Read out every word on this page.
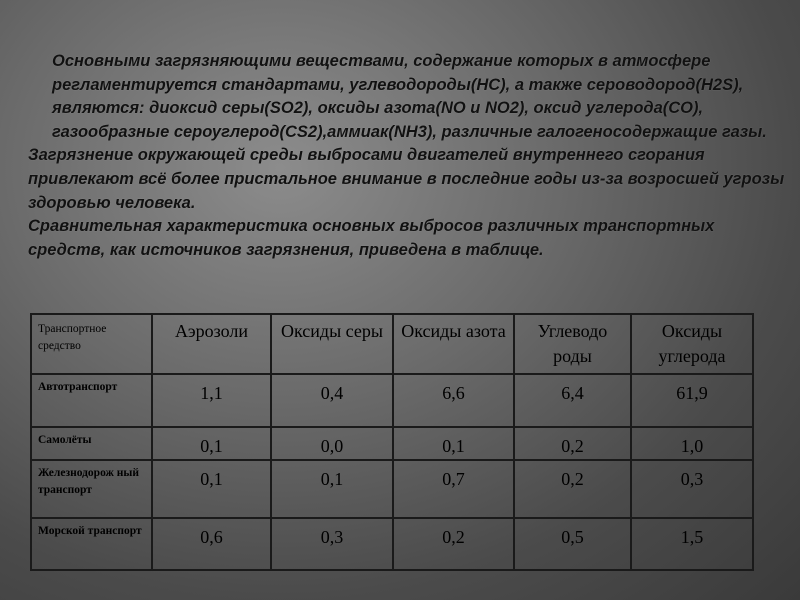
Основными загрязняющими веществами, содержание которых в атмосфере регламентируется стандартами, углеводороды(НС), а также сероводород(H2S), являются: диоксид серы(SO2), оксиды азота(NO и NO2), оксид углерода(CO), газообразные сероуглерод(CS2),аммиак(NH3), различные галогеносодержащие газы.

Загрязнение окружающей среды выбросами двигателей внутреннего сгорания привлекают всё более пристальное внимание в последние годы из-за возросшей угрозы здоровью человека.

Сравнительная характеристика основных выбросов различных транспортных средств, как источников загрязнения, приведена в таблице.

Транспортное средство	Аэрозоли	Оксиды серы	Оксиды азота	Углеводо роды	Оксиды углерода
Автотранспорт	1,1	0,4	6,6	6,4	61,9
Самолёты	0,1	0,0	0,1	0,2	1,0
Железнодорож ный транспорт	0,1	0,1	0,7	0,2	0,3
Морской транспорт	0,6	0,3	0,2	0,5	1,5
